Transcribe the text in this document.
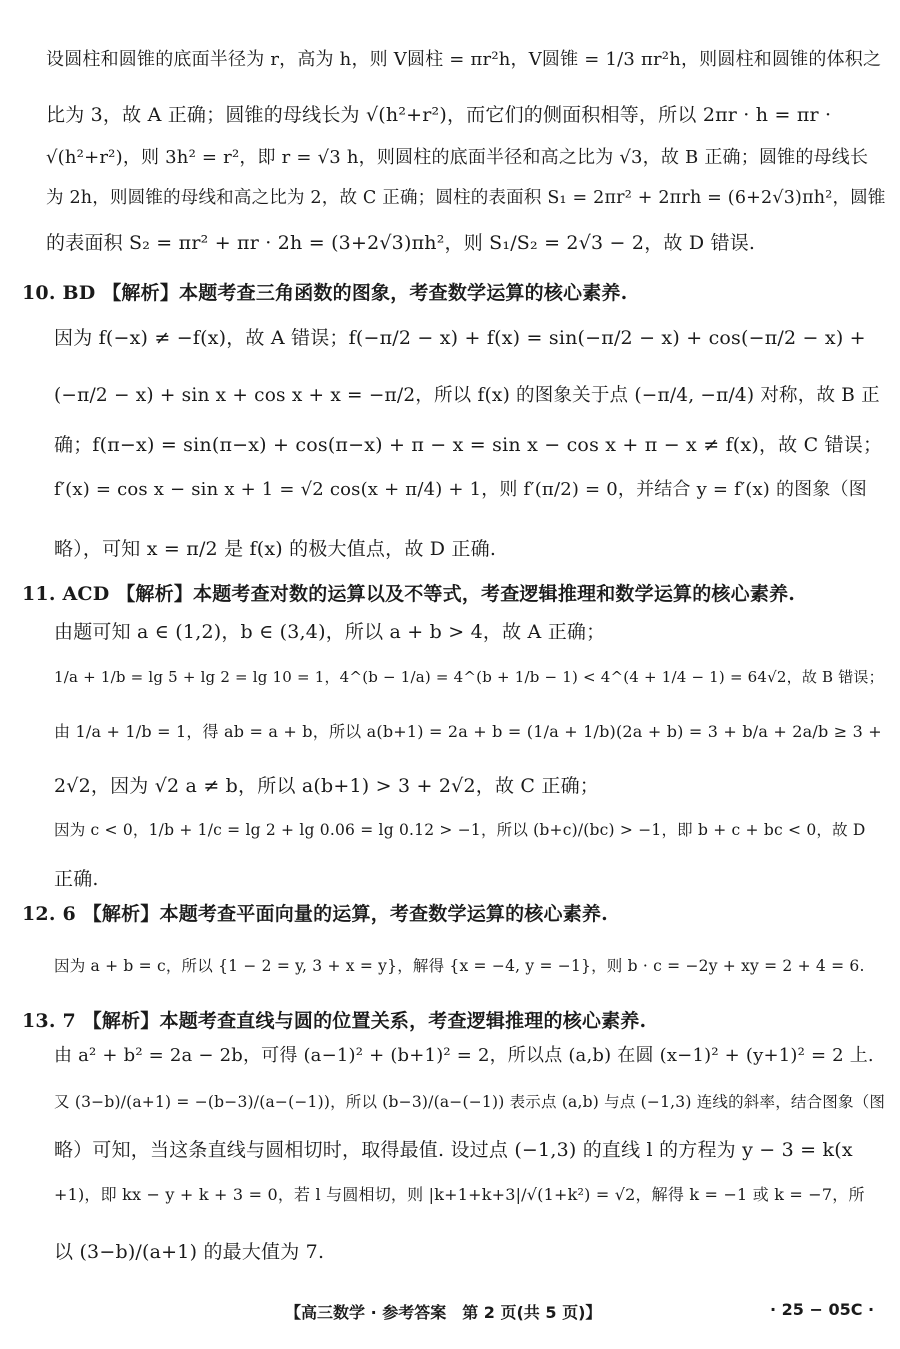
设圆柱和圆锥的底面半径为 r，高为 h，则 V圆柱 = πr²h，V圆锥 = 1/3 πr²h，则圆柱和圆锥的体积之
比为 3，故 A 正确；圆锥的母线长为 √(h²+r²)，而它们的侧面积相等，所以 2πr · h = πr ·
√(h²+r²)，则 3h² = r²，即 r = √3 h，则圆柱的底面半径和高之比为 √3，故 B 正确；圆锥的母线长
为 2h，则圆锥的母线和高之比为 2，故 C 正确；圆柱的表面积 S₁ = 2πr² + 2πrh = (6+2√3)πh²，圆锥
的表面积 S₂ = πr² + πr · 2h = (3+2√3)πh²，则 S₁/S₂ = 2√3 − 2，故 D 错误.
10. BD 【解析】本题考查三角函数的图象，考查数学运算的核心素养.
因为 f(−x) ≠ −f(x)，故 A 错误；f(−π/2 − x) + f(x) = sin(−π/2 − x) + cos(−π/2 − x) +
(−π/2 − x) + sin x + cos x + x = −π/2，所以 f(x) 的图象关于点 (−π/4, −π/4) 对称，故 B 正
确；f(π−x) = sin(π−x) + cos(π−x) + π − x = sin x − cos x + π − x ≠ f(x)，故 C 错误；
f′(x) = cos x − sin x + 1 = √2 cos(x + π/4) + 1，则 f′(π/2) = 0，并结合 y = f′(x) 的图象（图
略），可知 x = π/2 是 f(x) 的极大值点，故 D 正确.
11. ACD 【解析】本题考查对数的运算以及不等式，考查逻辑推理和数学运算的核心素养.
由题可知 a ∈ (1,2)，b ∈ (3,4)，所以 a + b > 4，故 A 正确；
1/a + 1/b = lg 5 + lg 2 = lg 10 = 1，4^(b − 1/a) = 4^(b + 1/b − 1) < 4^(4 + 1/4 − 1) = 64√2，故 B 错误；
由 1/a + 1/b = 1，得 ab = a + b，所以 a(b+1) = 2a + b = (1/a + 1/b)(2a + b) = 3 + b/a + 2a/b ≥ 3 +
2√2，因为 √2 a ≠ b，所以 a(b+1) > 3 + 2√2，故 C 正确；
因为 c < 0，1/b + 1/c = lg 2 + lg 0.06 = lg 0.12 > −1，所以 (b+c)/(bc) > −1，即 b + c + bc < 0，故 D
正确.
12. 6 【解析】本题考查平面向量的运算，考查数学运算的核心素养.
因为 a + b = c，所以 {1 − 2 = y, 3 + x = y}，解得 {x = −4, y = −1}，则 b · c = −2y + xy = 2 + 4 = 6.
13. 7 【解析】本题考查直线与圆的位置关系，考查逻辑推理的核心素养.
由 a² + b² = 2a − 2b，可得 (a−1)² + (b+1)² = 2，所以点 (a,b) 在圆 (x−1)² + (y+1)² = 2 上.
又 (3−b)/(a+1) = −(b−3)/(a−(−1))，所以 (b−3)/(a−(−1)) 表示点 (a,b) 与点 (−1,3) 连线的斜率，结合图象（图
略）可知，当这条直线与圆相切时，取得最值. 设过点 (−1,3) 的直线 l 的方程为 y − 3 = k(x
+1)，即 kx − y + k + 3 = 0，若 l 与圆相切，则 |k+1+k+3|/√(1+k²) = √2，解得 k = −1 或 k = −7，所
以 (3−b)/(a+1) 的最大值为 7.
【高三数学 · 参考答案　第 2 页(共 5 页)】	· 25 − 05C ·
